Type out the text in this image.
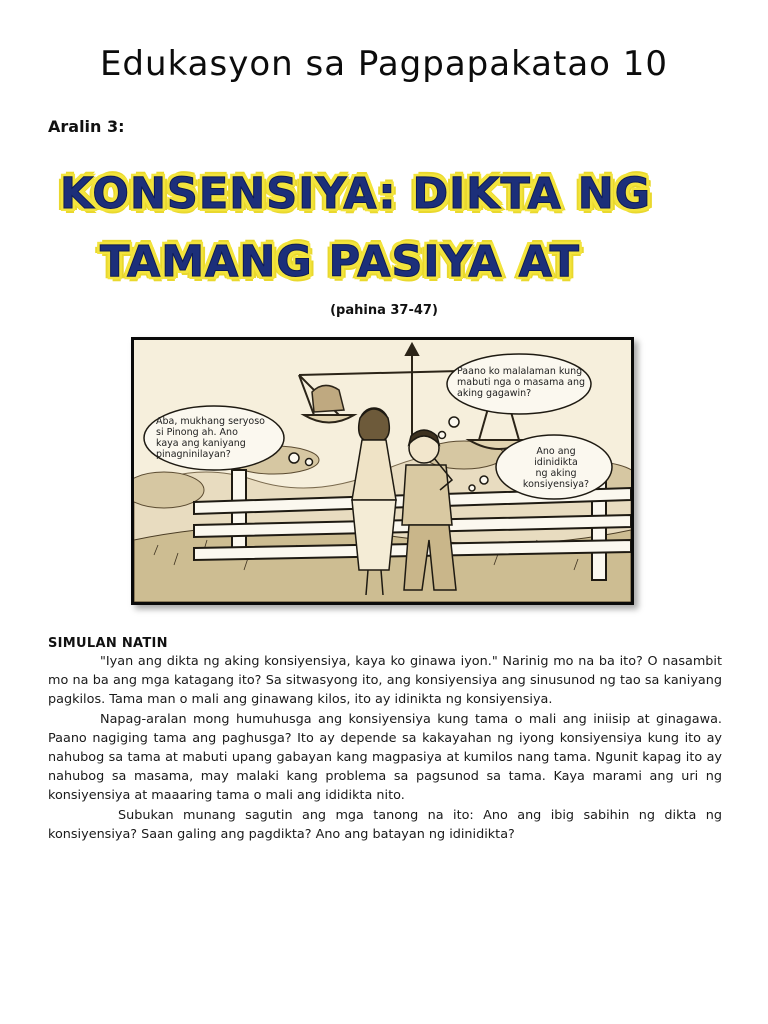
Edukasyon sa Pagpapakatao 10
Aralin 3:
KONSENSIYA: DIKTA NG
TAMANG PASIYA AT
(pahina 37-47)
Aba, mukhang seryoso
si Pinong ah. Ano
kaya ang kaniyang
pinagninilayan?
Paano ko malalaman kung
mabuti nga o masama ang
aking gagawin?
Ano ang
idinidikta
ng aking
konsiyensiya?
SIMULAN NATIN

"Iyan ang dikta ng aking konsiyensiya, kaya ko ginawa iyon." Narinig mo na ba ito? O nasambit mo na ba ang mga katagang ito? Sa sitwasyong ito, ang konsiyensiya ang sinusunod ng tao sa kaniyang pagkilos. Tama man o mali ang ginawang kilos, ito ay idinikta ng konsiyensiya.

Napag-aralan mong humuhusga ang konsiyensiya kung tama o mali ang iniisip at ginagawa. Paano nagiging tama ang paghusga? Ito ay depende sa kakayahan ng iyong konsiyensiya kung ito ay nahubog sa tama at mabuti upang gabayan kang magpasiya at kumilos nang tama. Ngunit kapag ito ay nahubog sa masama, may malaki kang problema sa pagsunod sa tama. Kaya marami ang uri ng konsiyensiya at maaaring tama o mali ang ididikta nito.

Subukan munang sagutin ang mga tanong na ito: Ano ang ibig sabihin ng dikta ng konsiyensiya? Saan galing ang pagdikta? Ano ang batayan ng idinidikta?
